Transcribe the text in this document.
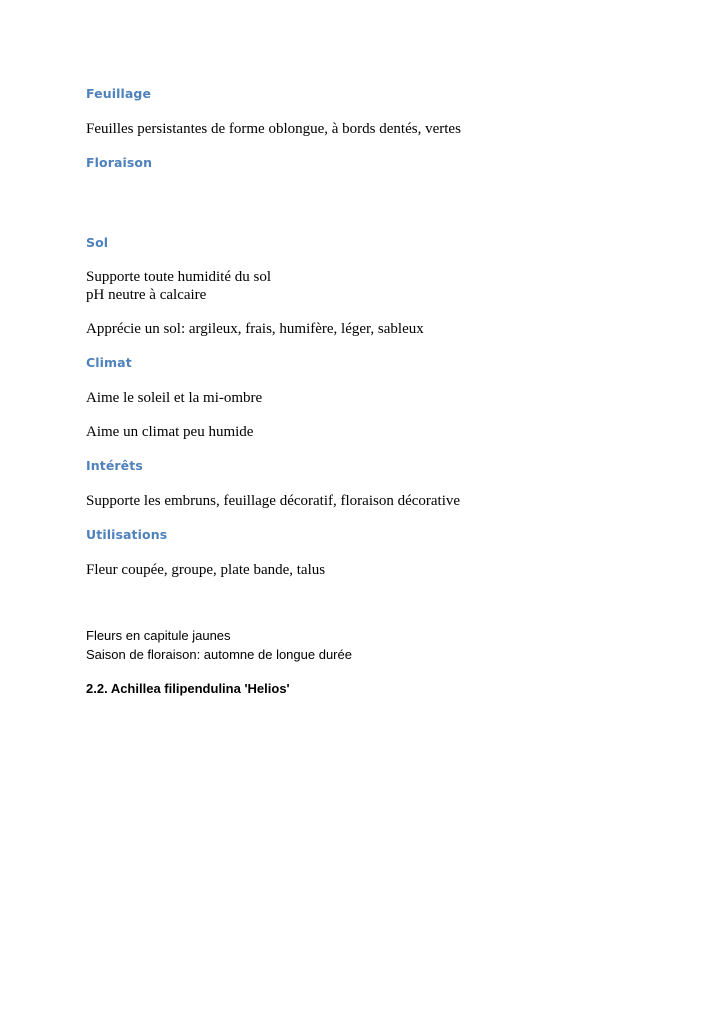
Feuillage

Feuilles persistantes de forme oblongue, à bords dentés, vertes

Floraison

Sol

Supporte toute humidité du sol

pH neutre à calcaire

Apprécie un sol: argileux, frais, humifère, léger, sableux

Climat

Aime le soleil et la mi-ombre

Aime un climat peu humide

Intérêts

Supporte les embruns, feuillage décoratif, floraison décorative

Utilisations

Fleur coupée, groupe, plate bande, talus

Fleurs en capitule jaunes

Saison de floraison: automne de longue durée

2.2. Achillea filipendulina 'Helios'
